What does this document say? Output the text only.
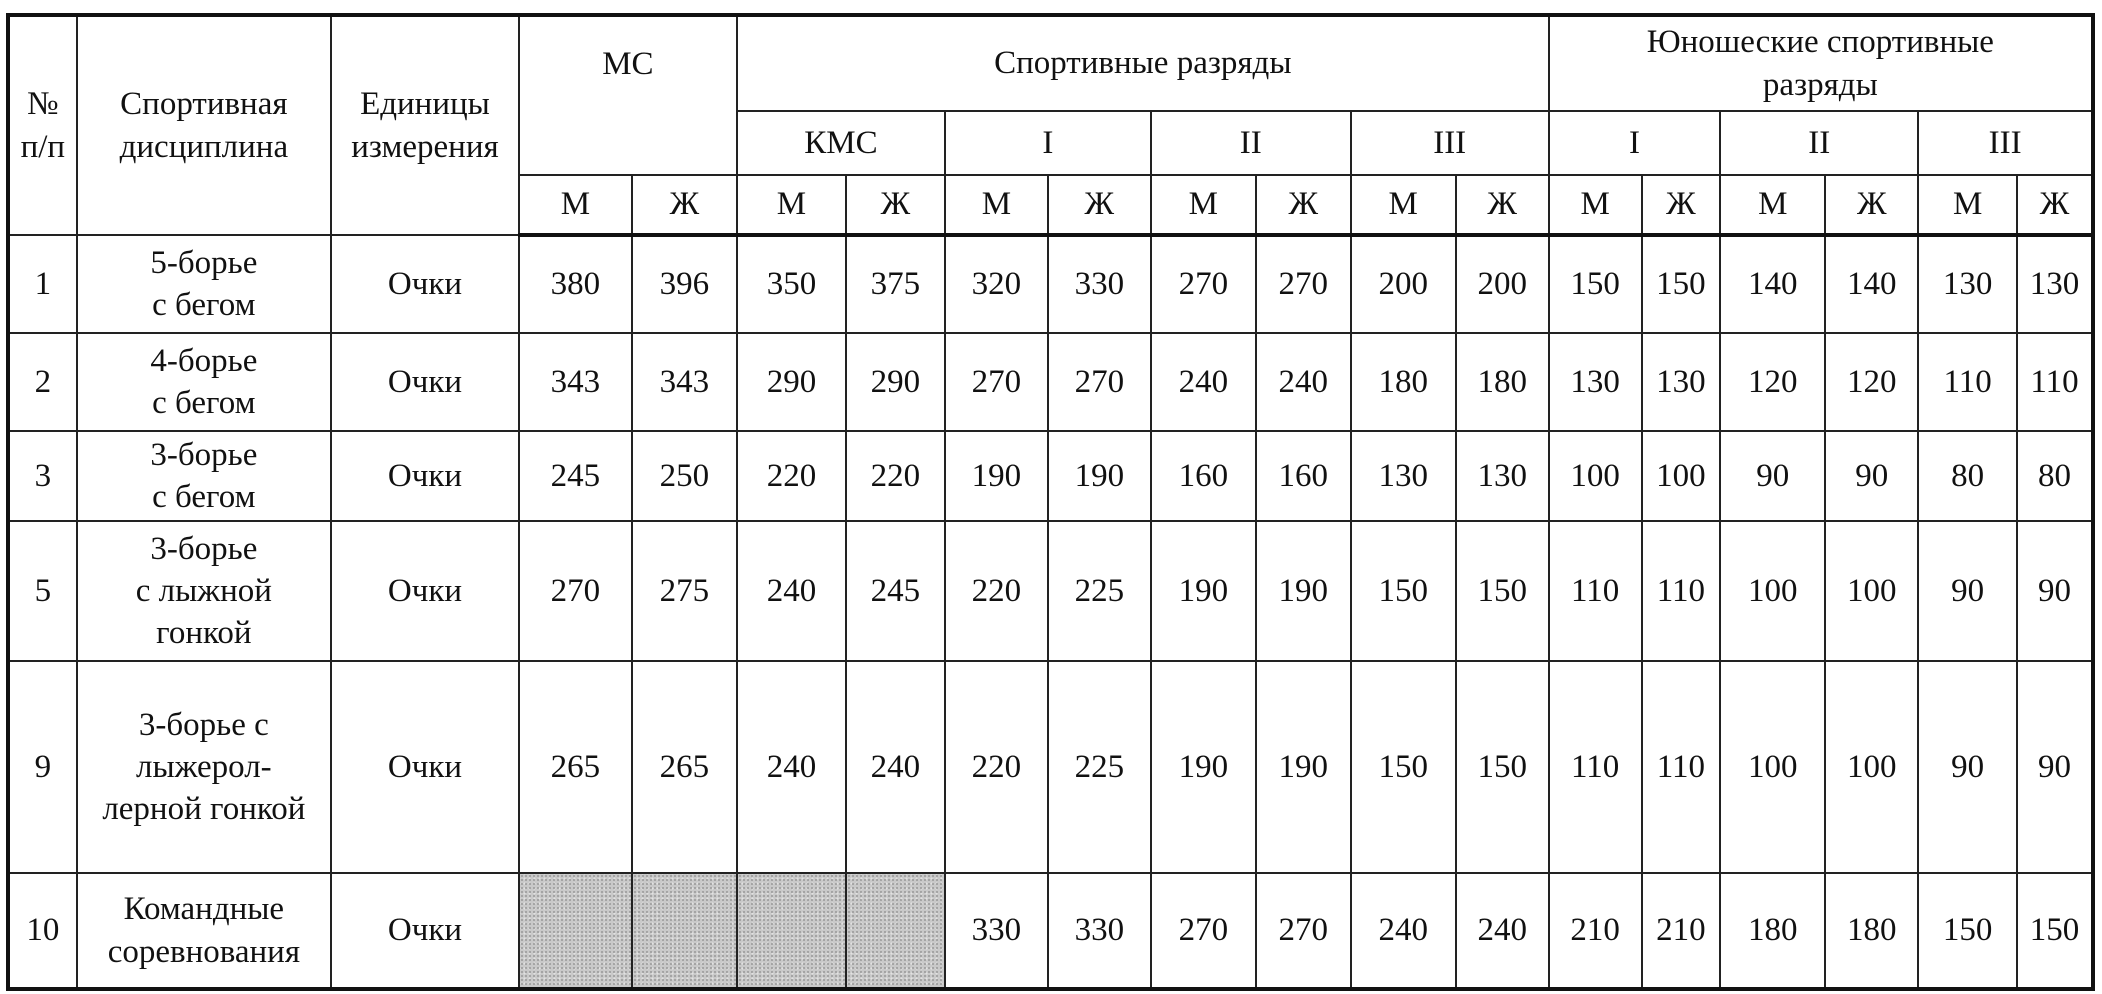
№
п/п	Спортивная
дисциплина	Единицы
измерения	МС		Спортивные разряды								Юношеские спортивные
разряды					
					КМС		I		II		III		I		II		III	
			М	Ж	М	Ж	М	Ж	М	Ж	М	Ж	М	Ж	М	Ж	М	Ж
1	5-борье
с бегом	Очки	380	396	350	375	320	330	270	270	200	200	150	150	140	140	130	130
2	4-борье
с бегом	Очки	343	343	290	290	270	270	240	240	180	180	130	130	120	120	110	110
3	3-борье
с бегом	Очки	245	250	220	220	190	190	160	160	130	130	100	100	90	90	80	80
5	3-борье
с лыжной
гонкой	Очки	270	275	240	245	220	225	190	190	150	150	110	110	100	100	90	90
9	3-борье с
лыжерол-
лерной гонкой	Очки	265	265	240	240	220	225	190	190	150	150	110	110	100	100	90	90
10	Командные
соревнования	Очки					330	330	270	270	240	240	210	210	180	180	150	150
